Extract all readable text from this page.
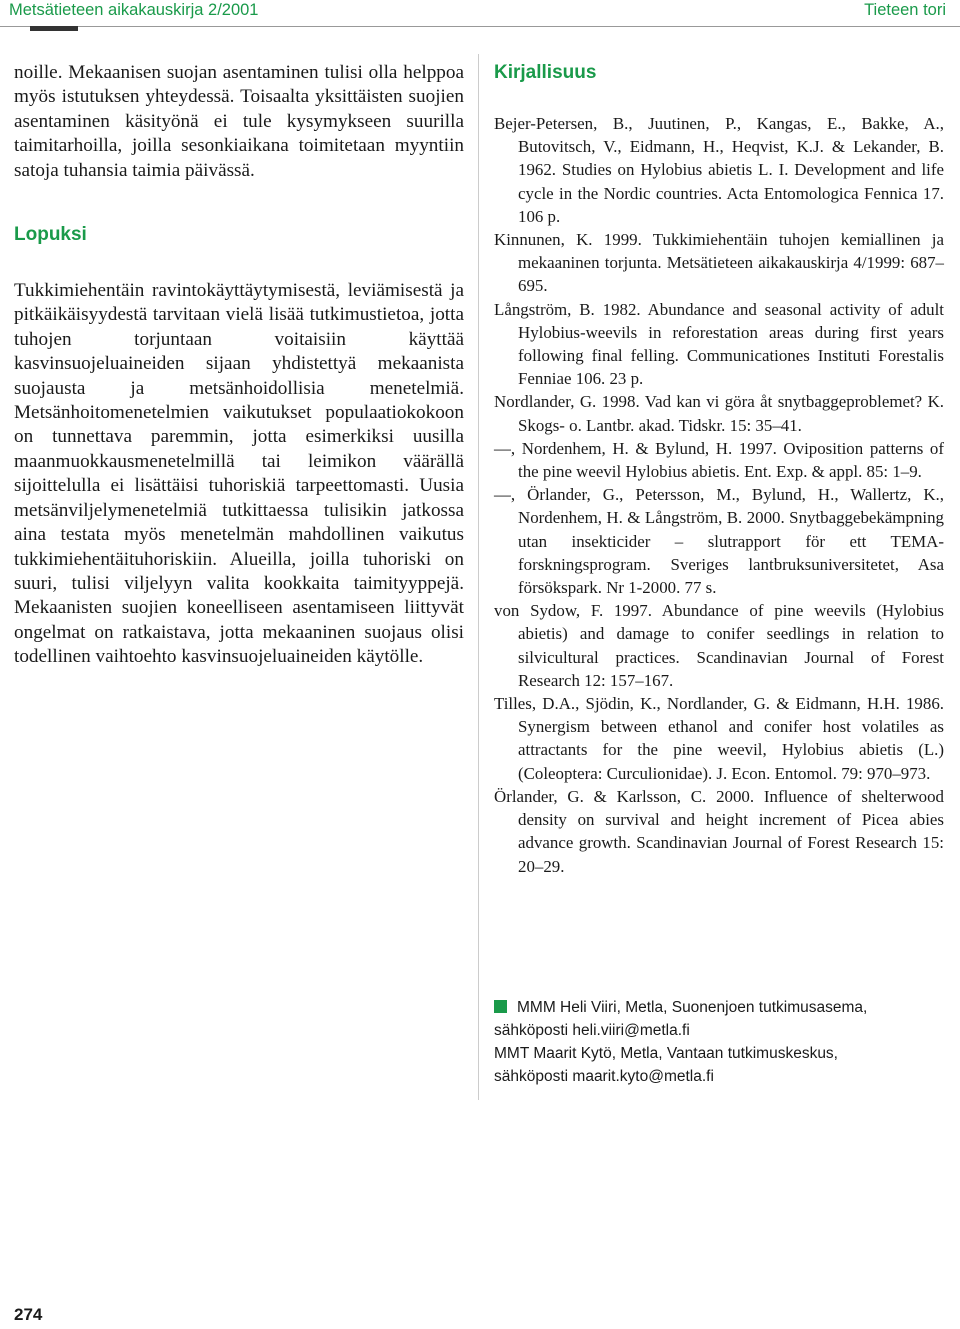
Metsätieteen aikakauskirja 2/2001	Tieteen tori

noille. Mekaanisen suojan asentaminen tulisi olla helppoa myös istutuksen yhteydessä. Toisaalta yksittäisten suojien asentaminen käsityönä ei tule kysymykseen suurilla taimitarhoilla, joilla sesonkiaikana toimitetaan myyntiin satoja tuhansia taimia päivässä.

Lopuksi

Tukkimiehentäin ravintokäyttäytymisestä, leviämisestä ja pitkäikäisyydestä tarvitaan vielä lisää tutkimustietoa, jotta tuhojen torjuntaan voitaisiin käyttää kasvinsuojeluaineiden sijaan yhdistettyä mekaanista suojausta ja metsänhoidollisia menetelmiä. Metsänhoitomenetelmien vaikutukset populaatiokokoon on tunnettava paremmin, jotta esimerkiksi uusilla maanmuokkausmenetelmillä tai leimikon väärällä sijoittelulla ei lisättäisi tuhoriskiä tarpeettomasti. Uusia metsänviljelymenetelmiä tutkittaessa tulisikin jatkossa aina testata myös menetelmän mahdollinen vaikutus tukkimiehentäituhoriskiin. Alueilla, joilla tuhoriski on suuri, tulisi viljelyyn valita kookkaita taimityyppejä. Mekaanisten suojien koneelliseen asentamiseen liittyvät ongelmat on ratkaistava, jotta mekaaninen suojaus olisi todellinen vaihtoehto kasvinsuojeluaineiden käytölle.

Kirjallisuus
Bejer-Petersen, B., Juutinen, P., Kangas, E., Bakke, A., Butovitsch, V., Eidmann, H., Heqvist, K.J. & Lekander, B. 1962. Studies on Hylobius abietis L. I. Development and life cycle in the Nordic countries. Acta Entomologica Fennica 17. 106 p.
Kinnunen, K. 1999. Tukkimiehentäin tuhojen kemiallinen ja mekaaninen torjunta. Metsätieteen aikakauskirja 4/1999: 687–695.
Långström, B. 1982. Abundance and seasonal activity of adult Hylobius-weevils in reforestation areas during first years following final felling. Communicationes Instituti Forestalis Fenniae 106. 23 p.
Nordlander, G. 1998. Vad kan vi göra åt snytbaggeproblemet? K. Skogs- o. Lantbr. akad. Tidskr. 15: 35–41.
—, Nordenhem, H. & Bylund, H. 1997. Oviposition patterns of the pine weevil Hylobius abietis. Ent. Exp. & appl. 85: 1–9.
—, Örlander, G., Petersson, M., Bylund, H., Wallertz, K., Nordenhem, H. & Långström, B. 2000. Snytbaggebekämpning utan insekticider – slutrapport för ett TEMA-forskningsprogram. Sveriges lantbruksuniversitetet, Asa försökspark. Nr 1-2000. 77 s.
von Sydow, F. 1997. Abundance of pine weevils (Hylobius abietis) and damage to conifer seedlings in relation to silvicultural practices. Scandinavian Journal of Forest Research 12: 157–167.
Tilles, D.A., Sjödin, K., Nordlander, G. & Eidmann, H.H. 1986. Synergism between ethanol and conifer host volatiles as attractants for the pine weevil, Hylobius abietis (L.) (Coleoptera: Curculionidae). J. Econ. Entomol. 79: 970–973.
Örlander, G. & Karlsson, C. 2000. Influence of shelterwood density on survival and height increment of Picea abies advance growth. Scandinavian Journal of Forest Research 15: 20–29.
MMM Heli Viiri, Metla, Suonenjoen tutkimusasema,
sähköposti heli.viiri@metla.fi
MMT Maarit Kytö, Metla, Vantaan tutkimuskeskus,
sähköposti maarit.kyto@metla.fi
274
